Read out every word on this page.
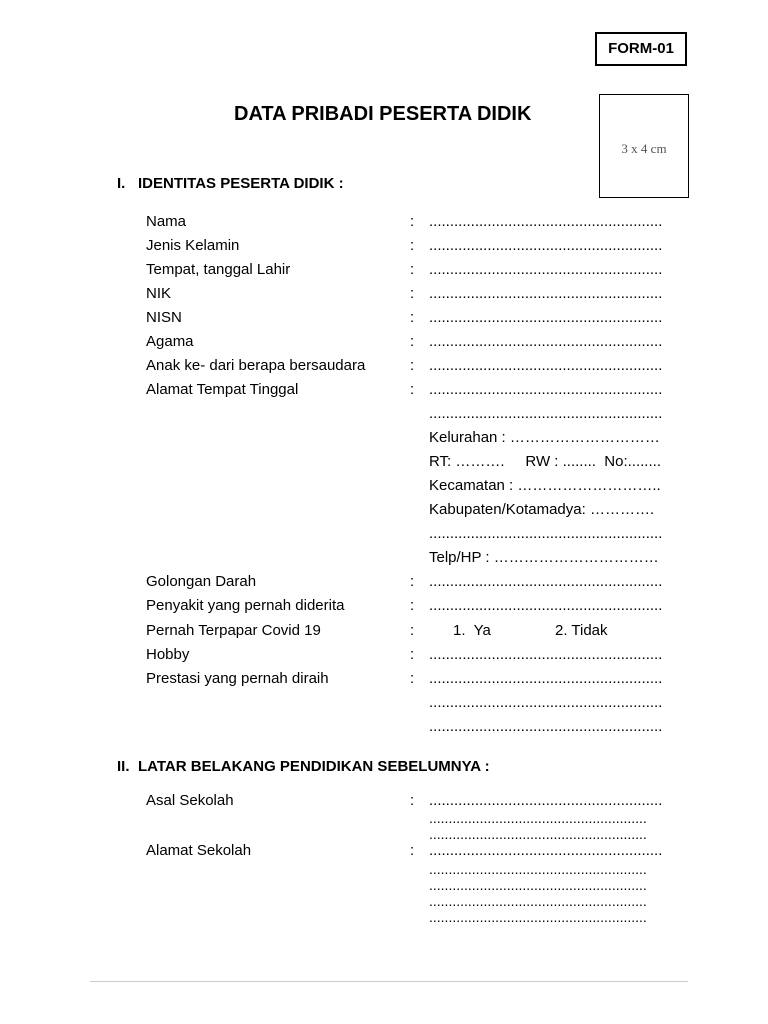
FORM-01
DATA PRIBADI PESERTA DIDIK
3 x 4 cm
I. IDENTITAS PESERTA DIDIK :
Nama	: ........................................................
Jenis Kelamin	: ........................................................
Tempat, tanggal Lahir	: ........................................................
NIK	: ........................................................
NISN	: ........................................................
Agama	: ........................................................
Anak ke- dari berapa bersaudara	: ........................................................
Alamat Tempat Tinggal	: ........................................................
........................................................
Kelurahan : …………………………
RT: ……….     RW : ........  No:........
Kecamatan : ………………………..
Kabupaten/Kotamadya: ………….
........................................................
Telp/HP : ……………………………
Golongan Darah	: ........................................................
Penyakit yang pernah diderita	: ........................................................
Pernah Terpapar Covid 19	:	1.  Ya	2. Tidak
Hobby	: ........................................................
Prestasi yang pernah diraih	: ........................................................
........................................................
........................................................
II. LATAR BELAKANG PENDIDIKAN SEBELUMNYA :
Asal Sekolah	: ........................................................
........................................................
........................................................
Alamat Sekolah	: ........................................................
........................................................
........................................................
........................................................
........................................................
